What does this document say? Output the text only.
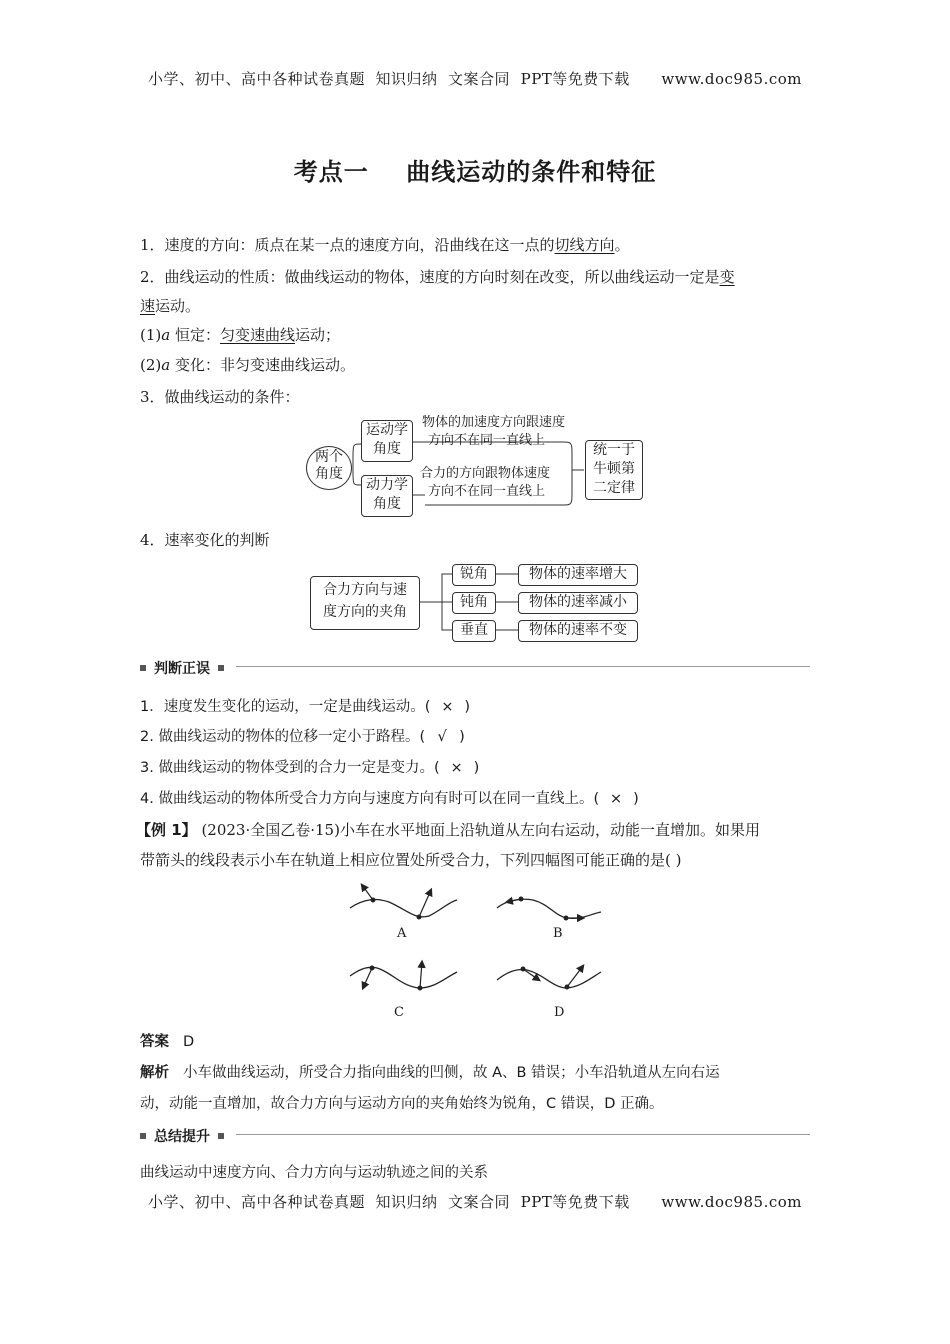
小学、初中、高中各种试卷真题  知识归纳  文案合同  PPT等免费下载      www.doc985.com
考点一    曲线运动的条件和特征
1．速度的方向：质点在某一点的速度方向，沿曲线在这一点的切线方向。
2．曲线运动的性质：做曲线运动的物体，速度的方向时刻在改变，所以曲线运动一定是变
速运动。
(1)a 恒定：匀变速曲线运动；
(2)a 变化：非匀变速曲线运动。
3．做曲线运动的条件：
两个
角度
运动学
角度
物体的加速度方向跟速度
方向不在同一直线上
动力学
角度
合力的方向跟物体速度
方向不在同一直线上
统一于
牛顿第
二定律
4．速率变化的判断
合力方向与速
度方向的夹角
锐角	物体的速率增大
钝角	物体的速率减小
垂直	物体的速率不变
判断正误
1．速度发生变化的运动，一定是曲线运动。( × )
2. 做曲线运动的物体的位移一定小于路程。( √ )
3. 做曲线运动的物体受到的合力一定是变力。( × )
4. 做曲线运动的物体所受合力方向与速度方向有时可以在同一直线上。( × )
【例 1】 (2023·全国乙卷·15)小车在水平地面上沿轨道从左向右运动，动能一直增加。如果用
带箭头的线段表示小车在轨道上相应位置处所受合力，下列四幅图可能正确的是( )
A	B
C	D
答案 D
解析 小车做曲线运动，所受合力指向曲线的凹侧，故 A、B 错误；小车沿轨道从左向右运
动，动能一直增加，故合力方向与运动方向的夹角始终为锐角，C 错误，D 正确。
总结提升
曲线运动中速度方向、合力方向与运动轨迹之间的关系
小学、初中、高中各种试卷真题  知识归纳  文案合同  PPT等免费下载      www.doc985.com
